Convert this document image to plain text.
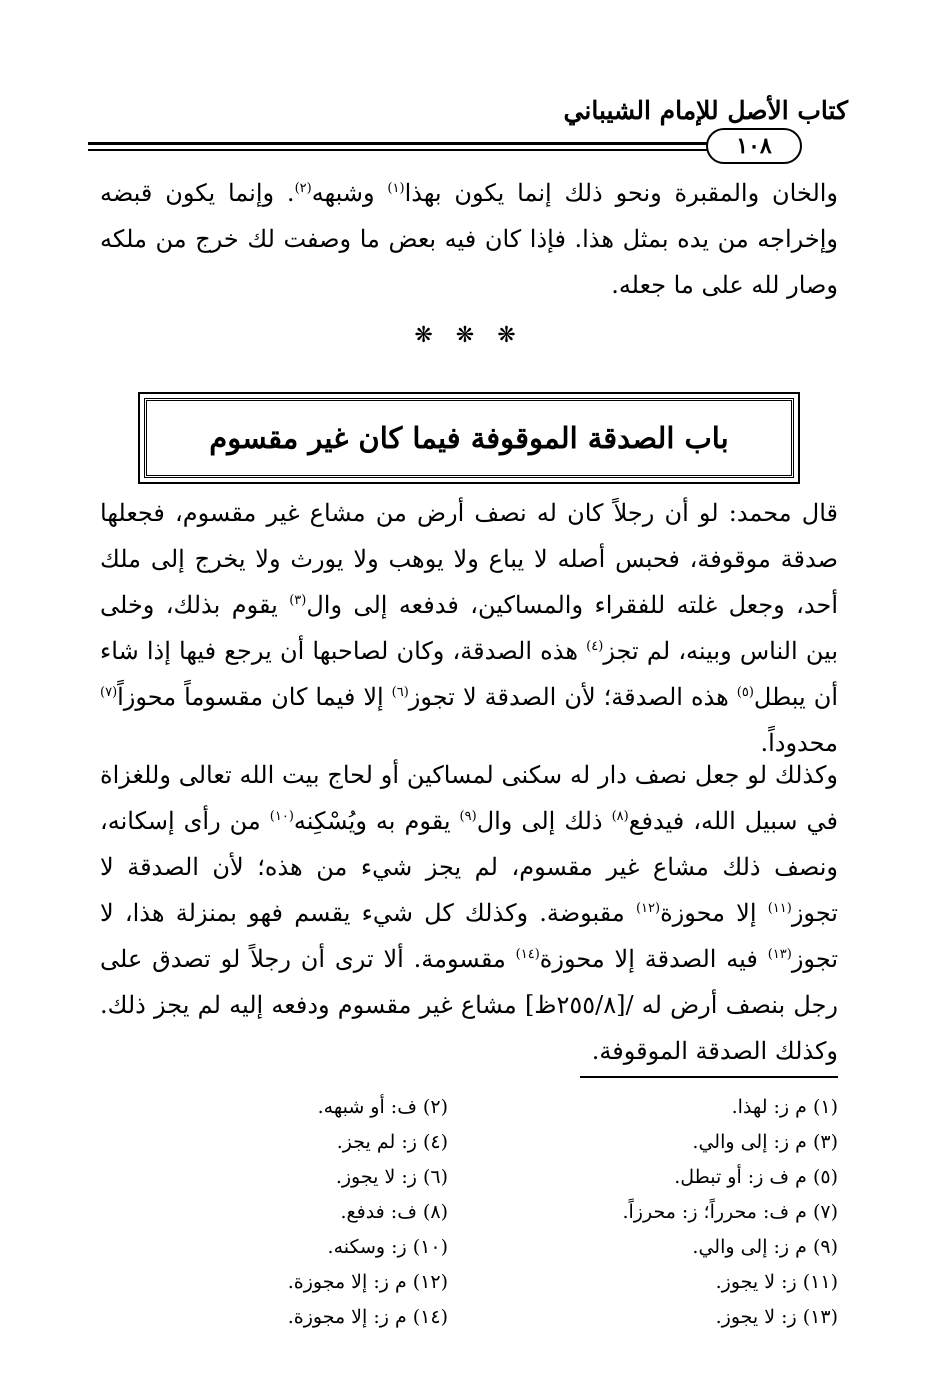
كتاب الأصل للإمام الشيباني
١٠٨
والخان والمقبرة ونحو ذلك إنما يكون بهذا$^{(١)}$ وشبهه$^{(٢)}$. وإنما يكون قبضه وإخراجه من يده بمثل هذا. فإذا كان فيه بعض ما وصفت لك خرج من ملكه وصار لله على ما جعله.
❋ ❋ ❋
باب الصدقة الموقوفة فيما كان غير مقسوم
قال محمد: لو أن رجلاً كان له نصف أرض من مشاع غير مقسوم، فجعلها صدقة موقوفة، فحبس أصله لا يباع ولا يوهب ولا يورث ولا يخرج إلى ملك أحد، وجعل غلته للفقراء والمساكين، فدفعه إلى وال$^{(٣)}$ يقوم بذلك، وخلى بين الناس وبينه، لم تجز$^{(٤)}$ هذه الصدقة، وكان لصاحبها أن يرجع فيها إذا شاء أن يبطل$^{(٥)}$ هذه الصدقة؛ لأن الصدقة لا تجوز$^{(٦)}$ إلا فيما كان مقسوماً محوزاً$^{(٧)}$ محدوداً.
وكذلك لو جعل نصف دار له سكنى لمساكين أو لحاج بيت الله تعالى وللغزاة في سبيل الله، فيدفع$^{(٨)}$ ذلك إلى وال$^{(٩)}$ يقوم به ويُسْكِنه$^{(١٠)}$ من رأى إسكانه، ونصف ذلك مشاع غير مقسوم، لم يجز شيء من هذه؛ لأن الصدقة لا تجوز$^{(١١)}$ إلا محوزة$^{(١٢)}$ مقبوضة. وكذلك كل شيء يقسم فهو بمنزلة هذا، لا تجوز$^{(١٣)}$ فيه الصدقة إلا محوزة$^{(١٤)}$ مقسومة. ألا ترى أن رجلاً لو تصدق على رجل بنصف أرض له /[٢٥٥/٨ظ] مشاع غير مقسوم ودفعه إليه لم يجز ذلك. وكذلك الصدقة الموقوفة.
(١) م ز: لهذا.
(٣) م ز: إلى والي.
(٥) م ف ز: أو تبطل.
(٧) م ف: محرراً؛ ز: محرزاً.
(٩) م ز: إلى والي.
(١١) ز: لا يجوز.
(١٣) ز: لا يجوز.
(٢) ف: أو شبهه.
(٤) ز: لم يجز.
(٦) ز: لا يجوز.
(٨) ف: فدفع.
(١٠) ز: وسكنه.
(١٢) م ز: إلا مجوزة.
(١٤) م ز: إلا مجوزة.
